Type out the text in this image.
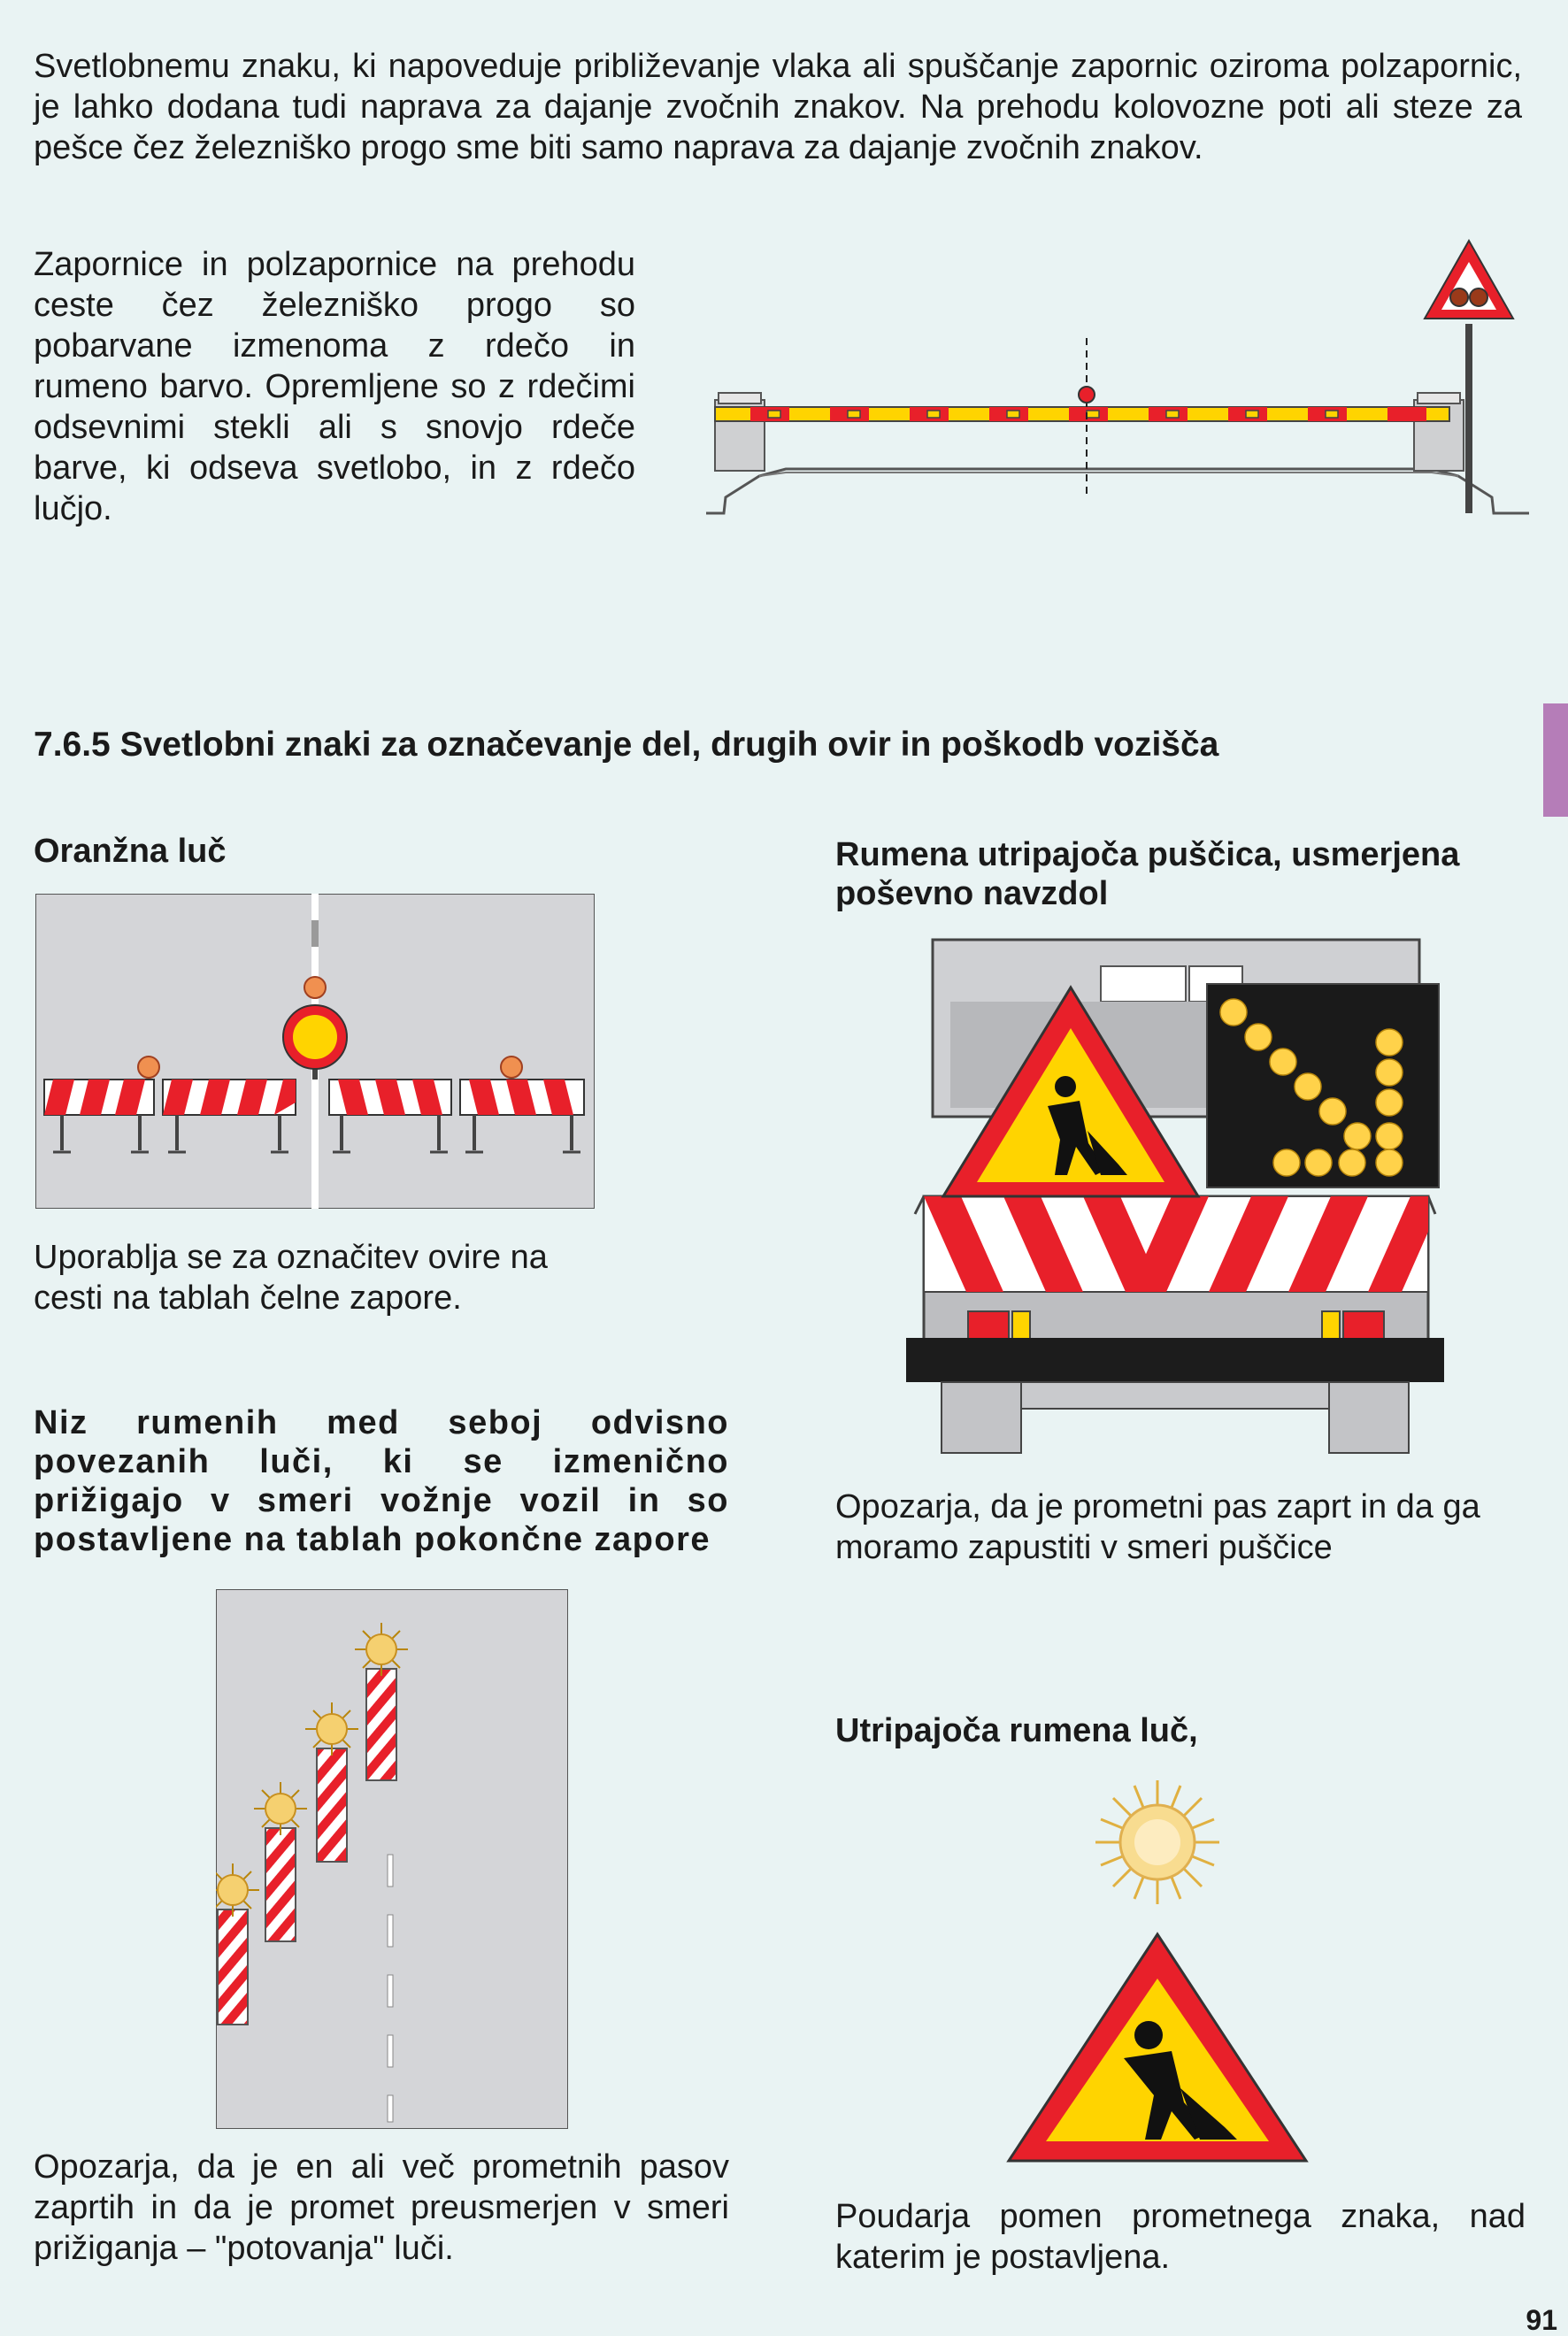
Svetlobnemu znaku, ki napoveduje približevanje vlaka ali spuščanje zapornic oziroma polzapornic, je lahko dodana tudi naprava za dajanje zvočnih znakov. Na prehodu kolovozne poti ali steze za pešce čez železniško progo sme biti samo naprava za dajanje zvočnih znakov.

Zapornice in polzapornice na prehodu ceste čez železniško progo so pobarvane izmenoma z rdečo in rumeno barvo. Opremljene so z rdečimi odsevnimi stekli ali s snovjo rdeče barve, ki odseva svetlobo, in z rdečo lučjo.

7.6.5 Svetlobni znaki za označevanje del, drugih ovir in poškodb vozišča
Oranžna luč

Uporablja se za označitev ovire na cesti na tablah čelne zapore.

Niz rumenih med seboj odvisno povezanih luči, ki se izmenično prižigajo v smeri vožnje vozil in so postavljene na tablah pokončne zapore

Opozarja, da je en ali več prometnih pasov zaprtih in da je promet preusmerjen v smeri prižiganja – "potovanja" luči.

Rumena utripajoča puščica, usmerjena poševno navzdol

Opozarja, da je prometni pas zaprt in da ga moramo zapustiti v smeri puščice

Utripajoča rumena luč,

Poudarja pomen prometnega znaka, nad katerim je postavljena.

91
